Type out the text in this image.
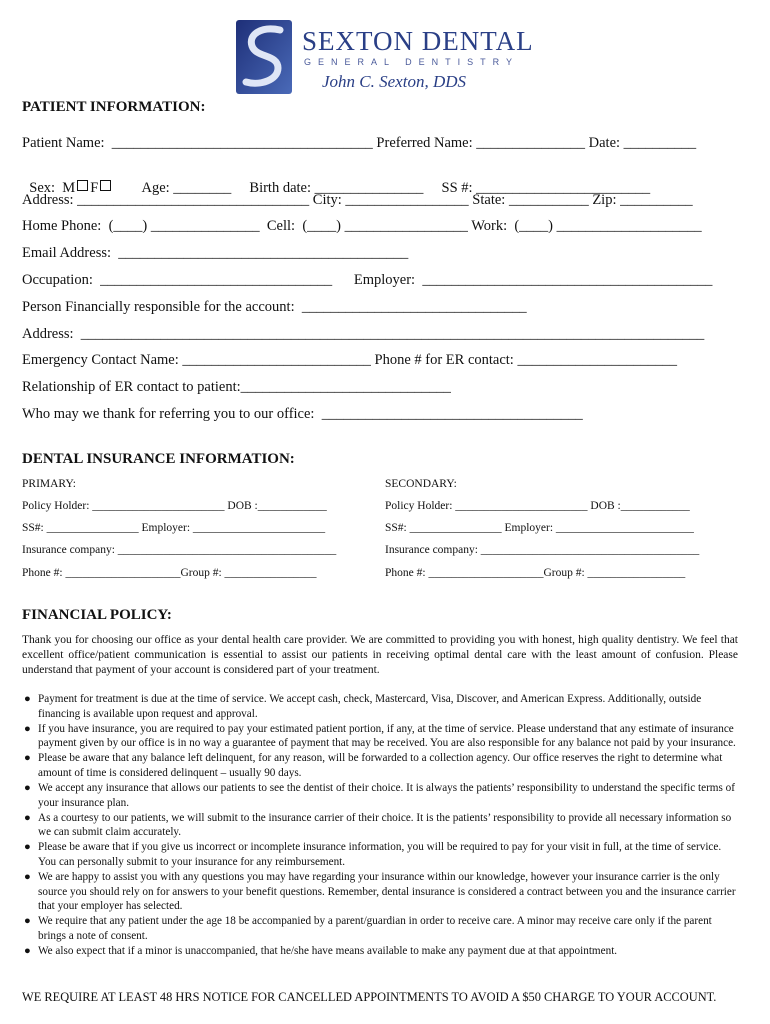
SEXTON DENTAL
GENERAL DENTISTRY
John C. Sexton, DDS
PATIENT INFORMATION:
Patient Name:  ____________________________________ Preferred Name: _______________ Date: __________

Sex: M F	Age: ________     Birth date: _______________     SS #: ________________________

Address: ________________________________ City: _________________ State: ___________ Zip: __________
Home Phone:  (____) _______________  Cell:  (____) _________________ Work:  (____) ____________________
Email Address:  ________________________________________
Occupation:  ________________________________      Employer:  ________________________________________
Person Financially responsible for the account:  _______________________________
Address:  ______________________________________________________________________________________
Emergency Contact Name: __________________________ Phone # for ER contact: ______________________
Relationship of ER contact to patient:_____________________________
Who may we thank for referring you to our office:  ____________________________________
DENTAL INSURANCE INFORMATION:
PRIMARY:	SECONDARY:
Policy Holder: _______________________ DOB :____________
SS#: ________________ Employer: _______________________
Insurance company: ______________________________________
Phone #: ____________________Group #: ________________
Policy Holder: _______________________ DOB :____________
SS#: ________________ Employer: ________________________
Insurance company: ______________________________________
Phone #: ____________________Group #: _________________
FINANCIAL POLICY:
Thank you for choosing our office as your dental health care provider. We are committed to providing you with honest, high quality dentistry. We feel that excellent office/patient communication is essential to assist our patients in receiving optimal dental care with the least amount of confusion. Please understand that payment of your account is considered part of your treatment.
● Payment for treatment is due at the time of service. We accept cash, check, Mastercard, Visa, Discover, and American Express. Additionally, outside financing is available upon request and approval.
● If you have insurance, you are required to pay your estimated patient portion, if any, at the time of service. Please understand that any estimate of insurance payment given by our office is in no way a guarantee of payment that may be received. You are also responsible for any balance not paid by your insurance.
● Please be aware that any balance left delinquent, for any reason, will be forwarded to a collection agency. Our office reserves the right to determine what amount of time is considered delinquent – usually 90 days.
● We accept any insurance that allows our patients to see the dentist of their choice. It is always the patients’ responsibility to understand the specific terms of your insurance plan.
● As a courtesy to our patients, we will submit to the insurance carrier of their choice. It is the patients’ responsibility to provide all necessary information so we can submit claim accurately.
● Please be aware that if you give us incorrect or incomplete insurance information, you will be required to pay for your visit in full, at the time of service. You can personally submit to your insurance for any reimbursement.
● We are happy to assist you with any questions you may have regarding your insurance within our knowledge, however your insurance carrier is the only source you should rely on for answers to your benefit questions. Remember, dental insurance is considered a contract between you and the insurance carrier that your employer has selected.
● We require that any patient under the age 18 be accompanied by a parent/guardian in order to receive care. A minor may receive care only if the parent brings a note of consent.
● We also expect that if a minor is unaccompanied, that he/she have means available to make any payment due at that appointment.
WE REQUIRE AT LEAST 48 HRS NOTICE FOR CANCELLED APPOINTMENTS TO AVOID A $50 CHARGE TO YOUR ACCOUNT.
